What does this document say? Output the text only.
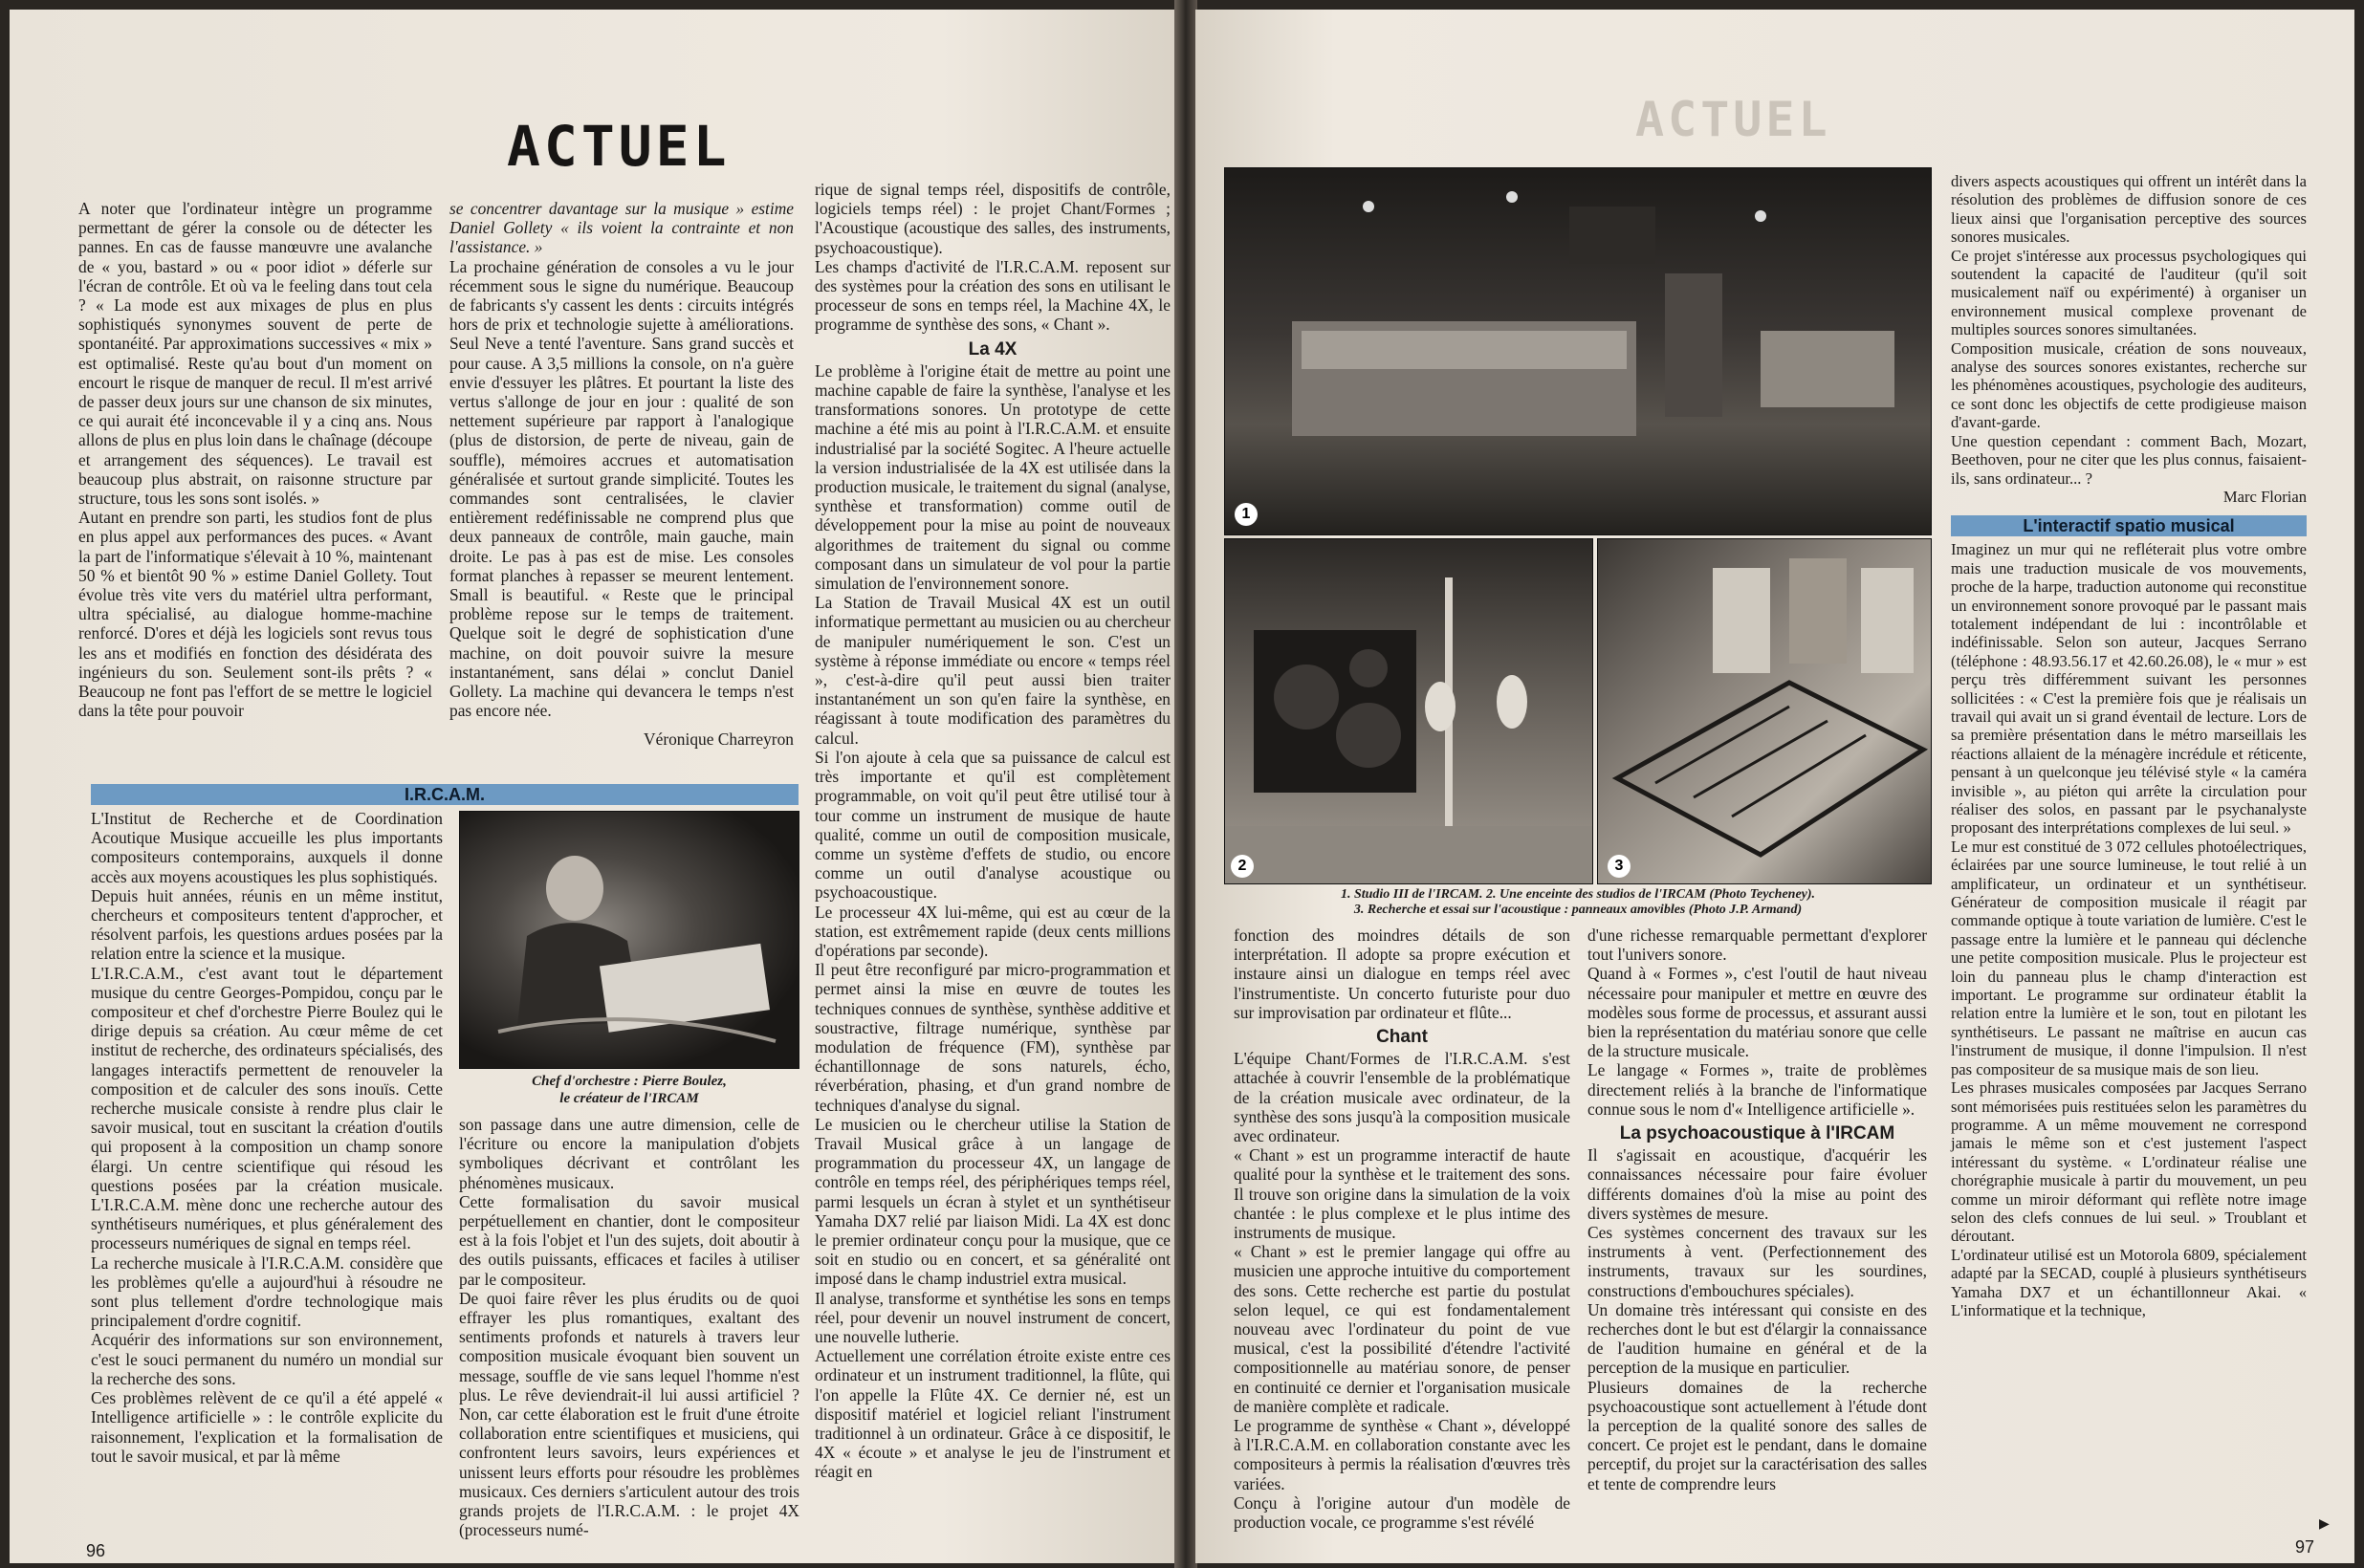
ACTUEL

A noter que l'ordinateur intègre un programme permettant de gérer la console ou de détecter les pannes. En cas de fausse manœuvre une avalanche de « you, bastard » ou « poor idiot » déferle sur l'écran de contrôle. Et où va le feeling dans tout cela ? « La mode est aux mixages de plus en plus sophistiqués synonymes souvent de perte de spontanéité. Par approximations successives « mix » est optimalisé. Reste qu'au bout d'un moment on encourt le risque de manquer de recul. Il m'est arrivé de passer deux jours sur une chanson de six minutes, ce qui aurait été inconcevable il y a cinq ans. Nous allons de plus en plus loin dans le chaînage (découpe et arrangement des séquences). Le travail est beaucoup plus abstrait, on raisonne structure par structure, tous les sons sont isolés. »

Autant en prendre son parti, les studios font de plus en plus appel aux performances des puces. « Avant la part de l'informatique s'élevait à 10 %, maintenant 50 % et bientôt 90 % » estime Daniel Gollety. Tout évolue très vite vers du matériel ultra performant, ultra spécialisé, au dialogue homme-machine renforcé. D'ores et déjà les logiciels sont revus tous les ans et modifiés en fonction des désidérata des ingénieurs du son. Seulement sont-ils prêts ? « Beaucoup ne font pas l'effort de se mettre le logiciel dans la tête pour pouvoir

se concentrer davantage sur la musique » estime Daniel Gollety « ils voient la contrainte et non l'assistance. »

La prochaine génération de consoles a vu le jour récemment sous le signe du numérique. Beaucoup de fabricants s'y cassent les dents : circuits intégrés hors de prix et technologie sujette à améliorations. Seul Neve a tenté l'aventure. Sans grand succès et pour cause. A 3,5 millions la console, on n'a guère envie d'essuyer les plâtres. Et pourtant la liste des vertus s'allonge de jour en jour : qualité de son nettement supérieure par rapport à l'analogique (plus de distorsion, de perte de niveau, gain de souffle), mémoires accrues et automatisation généralisée et surtout grande simplicité. Toutes les commandes sont centralisées, le clavier entièrement redéfinissable ne comprend plus que deux panneaux de contrôle, main gauche, main droite. Le pas à pas est de mise. Les consoles format planches à repasser se meurent lentement. Small is beautiful. « Reste que le principal problème repose sur le temps de traitement. Quelque soit le degré de sophistication d'une machine, on doit pouvoir suivre la mesure instantanément, sans délai » conclut Daniel Gollety. La machine qui devancera le temps n'est pas encore née.

Véronique Charreyron

rique de signal temps réel, dispositifs de contrôle, logiciels temps réel) : le projet Chant/Formes ; l'Acoustique (acoustique des salles, des instruments, psychoacoustique).

Les champs d'activité de l'I.R.C.A.M. reposent sur des systèmes pour la création des sons en utilisant le processeur de sons en temps réel, la Machine 4X, le programme de synthèse des sons, « Chant ».

La 4X

Le problème à l'origine était de mettre au point une machine capable de faire la synthèse, l'analyse et les transformations sonores. Un prototype de cette machine a été mis au point à l'I.R.C.A.M. et ensuite industrialisé par la société Sogitec. A l'heure actuelle la version industrialisée de la 4X est utilisée dans la production musicale, le traitement du signal (analyse, synthèse et transformation) comme outil de développement pour la mise au point de nouveaux algorithmes de traitement du signal ou comme composant dans un simulateur de vol pour la partie simulation de l'environnement sonore.

La Station de Travail Musical 4X est un outil informatique permettant au musicien ou au chercheur de manipuler numériquement le son. C'est un système à réponse immédiate ou encore « temps réel », c'est-à-dire qu'il peut aussi bien traiter instantanément un son qu'en faire la synthèse, en réagissant à toute modification des paramètres du calcul.

Si l'on ajoute à cela que sa puissance de calcul est très importante et qu'il est complètement programmable, on voit qu'il peut être utilisé tour à tour comme un instrument de musique de haute qualité, comme un outil de composition musicale, comme un système d'effets de studio, ou encore comme un outil d'analyse acoustique ou psychoacoustique.

Le processeur 4X lui-même, qui est au cœur de la station, est extrêmement rapide (deux cents millions d'opérations par seconde).

Il peut être reconfiguré par micro-programmation et permet ainsi la mise en œuvre de toutes les techniques connues de synthèse, synthèse additive et soustractive, filtrage numérique, synthèse par modulation de fréquence (FM), synthèse par échantillonnage de sons naturels, écho, réverbération, phasing, et d'un grand nombre de techniques d'analyse du signal.

Le musicien ou le chercheur utilise la Station de Travail Musical grâce à un langage de programmation du processeur 4X, un langage de contrôle en temps réel, des périphériques temps réel, parmi lesquels un écran à stylet et un synthétiseur Yamaha DX7 relié par liaison Midi. La 4X est donc le premier ordinateur conçu pour la musique, que ce soit en studio ou en concert, et sa généralité ont imposé dans le champ industriel extra musical.

Il analyse, transforme et synthétise les sons en temps réel, pour devenir un nouvel instrument de concert, une nouvelle lutherie.

Actuellement une corrélation étroite existe entre ces ordinateur et un instrument traditionnel, la flûte, qui l'on appelle la Flûte 4X. Ce dernier né, est un dispositif matériel et logiciel reliant l'instrument traditionnel à un ordinateur. Grâce à ce dispositif, le 4X « écoute » et analyse le jeu de l'instrument et réagit en

I.R.C.A.M.

L'Institut de Recherche et de Coordination Acoutique Musique accueille les plus importants compositeurs contemporains, auxquels il donne accès aux moyens acoustiques les plus sophistiqués.

Depuis huit années, réunis en un même institut, chercheurs et compositeurs tentent d'approcher, et résolvent parfois, les questions ardues posées par la relation entre la science et la musique.

L'I.R.C.A.M., c'est avant tout le département musique du centre Georges-Pompidou, conçu par le compositeur et chef d'orchestre Pierre Boulez qui le dirige depuis sa création. Au cœur même de cet institut de recherche, des ordinateurs spécialisés, des langages interactifs permettent de renouveler la composition et de calculer des sons inouïs. Cette recherche musicale consiste à rendre plus clair le savoir musical, tout en suscitant la création d'outils qui proposent à la composition un champ sonore élargi. Un centre scientifique qui résoud les questions posées par la création musicale. L'I.R.C.A.M. mène donc une recherche autour des synthétiseurs numériques, et plus généralement des processeurs numériques de signal en temps réel.

La recherche musicale à l'I.R.C.A.M. considère que les problèmes qu'elle a aujourd'hui à résoudre ne sont plus tellement d'ordre technologique mais principalement d'ordre cognitif.

Acquérir des informations sur son environnement, c'est le souci permanent du numéro un mondial sur la recherche des sons.

Ces problèmes relèvent de ce qu'il a été appelé « Intelligence artificielle » : le contrôle explicite du raisonnement, l'explication et la formalisation de tout le savoir musical, et par là même

Chef d'orchestre : Pierre Boulez,
le créateur de l'IRCAM

son passage dans une autre dimension, celle de l'écriture ou encore la manipulation d'objets symboliques décrivant et contrôlant les phénomènes musicaux.

Cette formalisation du savoir musical perpétuellement en chantier, dont le compositeur est à la fois l'objet et l'un des sujets, doit aboutir à des outils puissants, efficaces et faciles à utiliser par le compositeur.

De quoi faire rêver les plus érudits ou de quoi effrayer les plus romantiques, exaltant des sentiments profonds et naturels à travers leur composition musicale évoquant bien souvent un message, souffle de vie sans lequel l'homme n'est plus. Le rêve deviendrait-il lui aussi artificiel ? Non, car cette élaboration est le fruit d'une étroite collaboration entre scientifiques et musiciens, qui confrontent leurs savoirs, leurs expériences et unissent leurs efforts pour résoudre les problèmes musicaux. Ces derniers s'articulent autour des trois grands projets de l'I.R.C.A.M. : le projet 4X (processeurs numé-

96
ACTUEL
1
2	3
1. Studio III de l'IRCAM. 2. Une enceinte des studios de l'IRCAM (Photo Teycheney).
3. Recherche et essai sur l'acoustique : panneaux amovibles (Photo J.P. Armand)

fonction des moindres détails de son interprétation. Il adopte sa propre exécution et instaure ainsi un dialogue en temps réel avec l'instrumentiste. Un concerto futuriste pour duo sur improvisation par ordinateur et flûte...

Chant

L'équipe Chant/Formes de l'I.R.C.A.M. s'est attachée à couvrir l'ensemble de la problématique de la création musicale avec ordinateur, de la synthèse des sons jusqu'à la composition musicale avec ordinateur.

« Chant » est un programme interactif de haute qualité pour la synthèse et le traitement des sons. Il trouve son origine dans la simulation de la voix chantée : le plus complexe et le plus intime des instruments de musique.

« Chant » est le premier langage qui offre au musicien une approche intuitive du comportement des sons. Cette recherche est partie du postulat selon lequel, ce qui est fondamentalement nouveau avec l'ordinateur du point de vue musical, c'est la possibilité d'étendre l'activité compositionnelle au matériau sonore, de penser en continuité ce dernier et l'organisation musicale de manière complète et radicale.

Le programme de synthèse « Chant », développé à l'I.R.C.A.M. en collaboration constante avec les compositeurs à permis la réalisation d'œuvres très variées.

Conçu à l'origine autour d'un modèle de production vocale, ce programme s'est révélé

d'une richesse remarquable permettant d'explorer tout l'univers sonore.

Quand à « Formes », c'est l'outil de haut niveau nécessaire pour manipuler et mettre en œuvre des modèles sous forme de processus, et assurant aussi bien la représentation du matériau sonore que celle de la structure musicale.

Le langage « Formes », traite de problèmes directement reliés à la branche de l'informatique connue sous le nom d'« Intelligence artificielle ».

La psychoacoustique à l'IRCAM

Il s'agissait en acoustique, d'acquérir les connaissances nécessaire pour faire évoluer différents domaines d'où la mise au point des divers systèmes de mesure.

Ces systèmes concernent des travaux sur les instruments à vent. (Perfectionnement des instruments, travaux sur les sourdines, constructions d'embouchures spéciales).

Un domaine très intéressant qui consiste en des recherches dont le but est d'élargir la connaissance de l'audition humaine en général et de la perception de la musique en particulier.

Plusieurs domaines de la recherche psychoacoustique sont actuellement à l'étude dont la perception de la qualité sonore des salles de concert. Ce projet est le pendant, dans le domaine perceptif, du projet sur la caractérisation des salles et tente de comprendre leurs

divers aspects acoustiques qui offrent un intérêt dans la résolution des problèmes de diffusion sonore de ces lieux ainsi que l'organisation perceptive des sources sonores musicales.

Ce projet s'intéresse aux processus psychologiques qui soutendent la capacité de l'auditeur (qu'il soit musicalement naïf ou expérimenté) à organiser un environnement musical complexe provenant de multiples sources sonores simultanées.

Composition musicale, création de sons nouveaux, analyse des sources sonores existantes, recherche sur les phénomènes acoustiques, psychologie des auditeurs, ce sont donc les objectifs de cette prodigieuse maison d'avant-garde.

Une question cependant : comment Bach, Mozart, Beethoven, pour ne citer que les plus connus, faisaient-ils, sans ordinateur... ?

Marc Florian
L'interactif spatio musical

Imaginez un mur qui ne refléterait plus votre ombre mais une traduction musicale de vos mouvements, proche de la harpe, traduction autonome qui reconstitue un environnement sonore provoqué par le passant mais totalement indépendant de lui : incontrôlable et indéfinissable. Selon son auteur, Jacques Serrano (téléphone : 48.93.56.17 et 42.60.26.08), le « mur » est perçu très différemment suivant les personnes sollicitées : « C'est la première fois que je réalisais un travail qui avait un si grand éventail de lecture. Lors de sa première présentation dans le métro marseillais les réactions allaient de la ménagère incrédule et réticente, pensant à un quelconque jeu télévisé style « la caméra invisible », au piéton qui arrête la circulation pour réaliser des solos, en passant par le psychanalyste proposant des interprétations complexes de lui seul. »

Le mur est constitué de 3 072 cellules photoélectriques, éclairées par une source lumineuse, le tout relié à un amplificateur, un ordinateur et un synthétiseur. Générateur de composition musicale il réagit par commande optique à toute variation de lumière. C'est le passage entre la lumière et le panneau qui déclenche une petite composition musicale. Plus le projecteur est loin du panneau plus le champ d'interaction est important. Le programme sur ordinateur établit la relation entre la lumière et le son, tout en pilotant les synthétiseurs. Le passant ne maîtrise en aucun cas l'instrument de musique, il donne l'impulsion. Il n'est pas compositeur de sa musique mais de son lieu.

Les phrases musicales composées par Jacques Serrano sont mémorisées puis restituées selon les paramètres du programme. A un même mouvement ne correspond jamais le même son et c'est justement l'aspect intéressant du système. « L'ordinateur réalise une chorégraphie musicale à partir du mouvement, un peu comme un miroir déformant qui reflète notre image selon des clefs connues de lui seul. » Troublant et déroutant.

L'ordinateur utilisé est un Motorola 6809, spécialement adapté par la SECAD, couplé à plusieurs synthétiseurs Yamaha DX7 et un échantillonneur Akai. « L'informatique et la technique,

97
▶
